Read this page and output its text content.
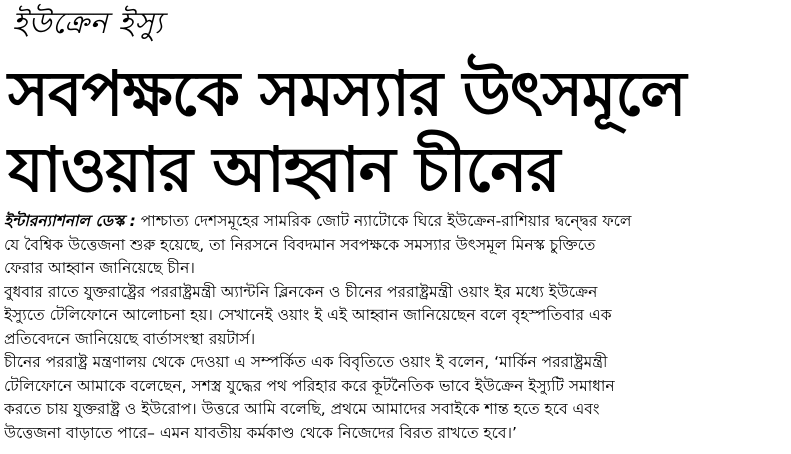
ইউক্রেন ইস্যু
সবপক্ষকে সমস্যার উৎসমূলে
যাওয়ার আহ্বান চীনের
ইন্টারন্যাশনাল ডেস্ক : পাশ্চাত্য দেশসমূহের সামরিক জোট ন্যাটোকে ঘিরে ইউক্রেন-রাশিয়ার দ্বন্দ্বের ফলে
যে বৈশ্বিক উত্তেজনা শুরু হয়েছে, তা নিরসনে বিবদমান সবপক্ষকে সমস্যার উৎসমূল মিনস্ক চুক্তিতে
ফেরার আহ্বান জানিয়েছে চীন।
বুধবার রাতে যুক্তরাষ্ট্রের পররাষ্ট্রমন্ত্রী অ্যান্টনি ব্লিনকেন ও চীনের পররাষ্ট্রমন্ত্রী ওয়াং ইর মধ্যে ইউক্রেন
ইস্যুতে টেলিফোনে আলোচনা হয়। সেখানেই ওয়াং ই এই আহ্বান জানিয়েছেন বলে বৃহস্পতিবার এক
প্রতিবেদনে জানিয়েছে বার্তাসংস্থা রয়টার্স।
চীনের পররাষ্ট্র মন্ত্রণালয় থেকে দেওয়া এ সম্পর্কিত এক বিবৃতিতে ওয়াং ই বলেন, ‘মার্কিন পররাষ্ট্রমন্ত্রী
টেলিফোনে আমাকে বলেছেন, সশস্ত্র যুদ্ধের পথ পরিহার করে কূটনৈতিক ভাবে ইউক্রেন ইস্যুটি সমাধান
করতে চায় যুক্তরাষ্ট্র ও ইউরোপ। উত্তরে আমি বলেছি, প্রথমে আমাদের সবাইকে শান্ত হতে হবে এবং
উত্তেজনা বাড়াতে পারে– এমন যাবতীয় কর্মকাণ্ড থেকে নিজেদের বিরত রাখতে হবে।’
